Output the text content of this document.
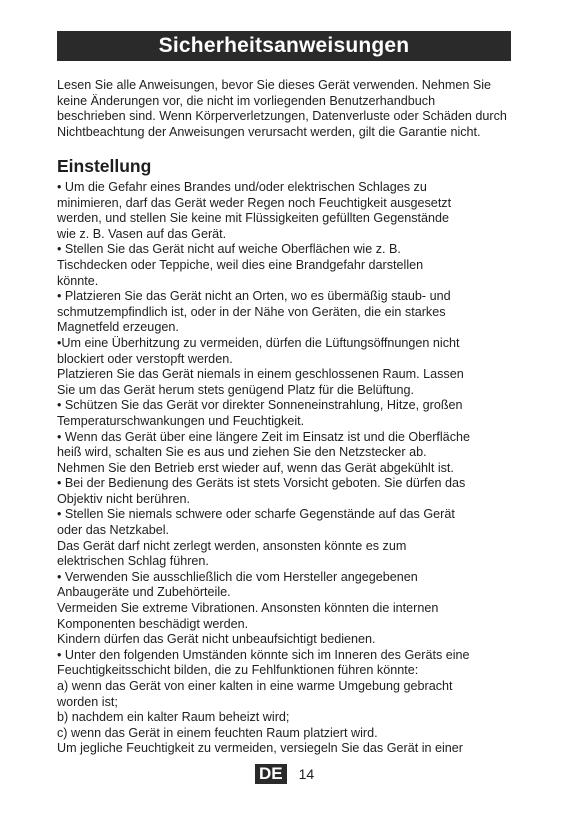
Sicherheitsanweisungen

Lesen Sie alle Anweisungen, bevor Sie dieses Gerät verwenden. Nehmen Sie keine Änderungen vor, die nicht im vorliegenden Benutzerhandbuch beschrieben sind. Wenn Körperverletzungen, Datenverluste oder Schäden durch Nichtbeachtung der Anweisungen verursacht werden, gilt die Garantie nicht.

Einstellung
• Um die Gefahr eines Brandes und/oder elektrischen Schlages zu
minimieren, darf das Gerät weder Regen noch Feuchtigkeit ausgesetzt
werden, und stellen Sie keine mit Flüssigkeiten gefüllten Gegenstände
wie z. B. Vasen auf das Gerät.
• Stellen Sie das Gerät nicht auf weiche Oberflächen wie z. B.
Tischdecken oder Teppiche, weil dies eine Brandgefahr darstellen
könnte.
• Platzieren Sie das Gerät nicht an Orten, wo es übermäßig staub- und
schmutzempfindlich ist, oder in der Nähe von Geräten, die ein starkes
Magnetfeld erzeugen.
•Um eine Überhitzung zu vermeiden, dürfen die Lüftungsöffnungen nicht
blockiert oder verstopft werden.
Platzieren Sie das Gerät niemals in einem geschlossenen Raum. Lassen
Sie um das Gerät herum stets genügend Platz für die Belüftung.
• Schützen Sie das Gerät vor direkter Sonneneinstrahlung, Hitze, großen
Temperaturschwankungen und Feuchtigkeit.
• Wenn das Gerät über eine längere Zeit im Einsatz ist und die Oberfläche
heiß wird, schalten Sie es aus und ziehen Sie den Netzstecker ab.
Nehmen Sie den Betrieb erst wieder auf, wenn das Gerät abgekühlt ist.
• Bei der Bedienung des Geräts ist stets Vorsicht geboten. Sie dürfen das
Objektiv nicht berühren.
• Stellen Sie niemals schwere oder scharfe Gegenstände auf das Gerät
oder das Netzkabel.
Das Gerät darf nicht zerlegt werden, ansonsten könnte es zum
elektrischen Schlag führen.
• Verwenden Sie ausschließlich die vom Hersteller angegebenen
Anbaugeräte und Zubehörteile.
Vermeiden Sie extreme Vibrationen. Ansonsten könnten die internen
Komponenten beschädigt werden.
Kindern dürfen das Gerät nicht unbeaufsichtigt bedienen.
• Unter den folgenden Umständen könnte sich im Inneren des Geräts eine
Feuchtigkeitsschicht bilden, die zu Fehlfunktionen führen könnte:
a) wenn das Gerät von einer kalten in eine warme Umgebung gebracht
worden ist;
b) nachdem ein kalter Raum beheizt wird;
c) wenn das Gerät in einem feuchten Raum platziert wird.
Um jegliche Feuchtigkeit zu vermeiden, versiegeln Sie das Gerät in einer
DE 14
